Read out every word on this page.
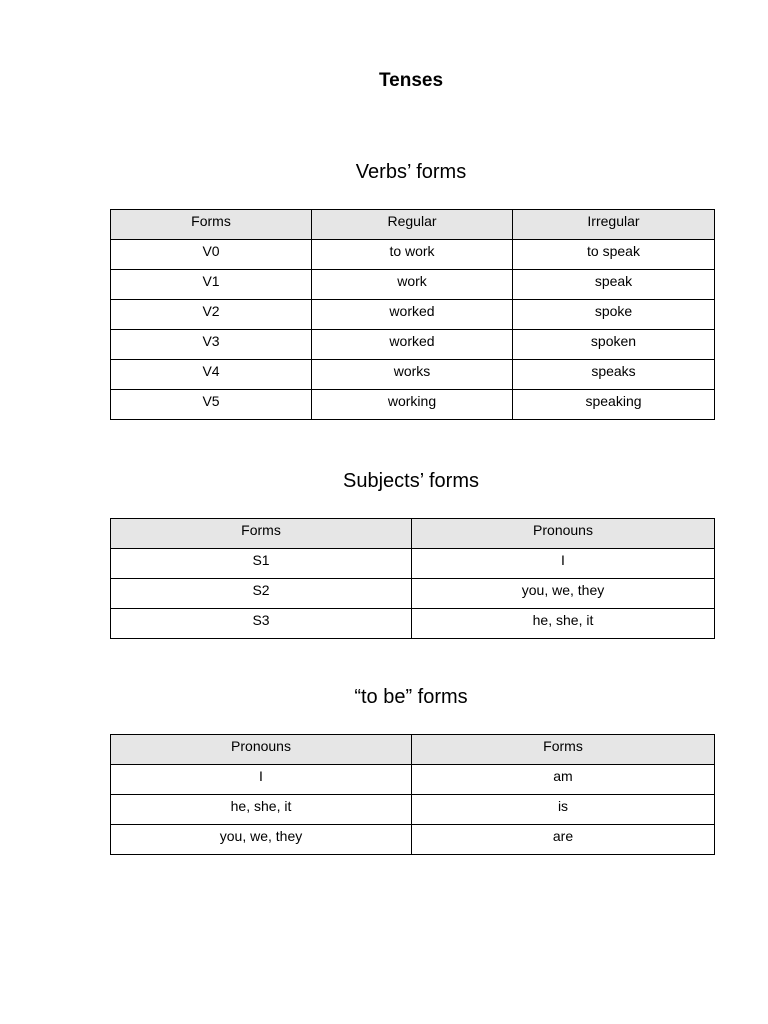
Tenses
Verbs’ forms
Forms	Regular	Irregular
V0	to work	to speak
V1	work	speak
V2	worked	spoke
V3	worked	spoken
V4	works	speaks
V5	working	speaking
Subjects’ forms
Forms	Pronouns
S1	I
S2	you, we, they
S3	he, she, it
“to be” forms
Pronouns	Forms
I	am
he, she, it	is
you, we, they	are
